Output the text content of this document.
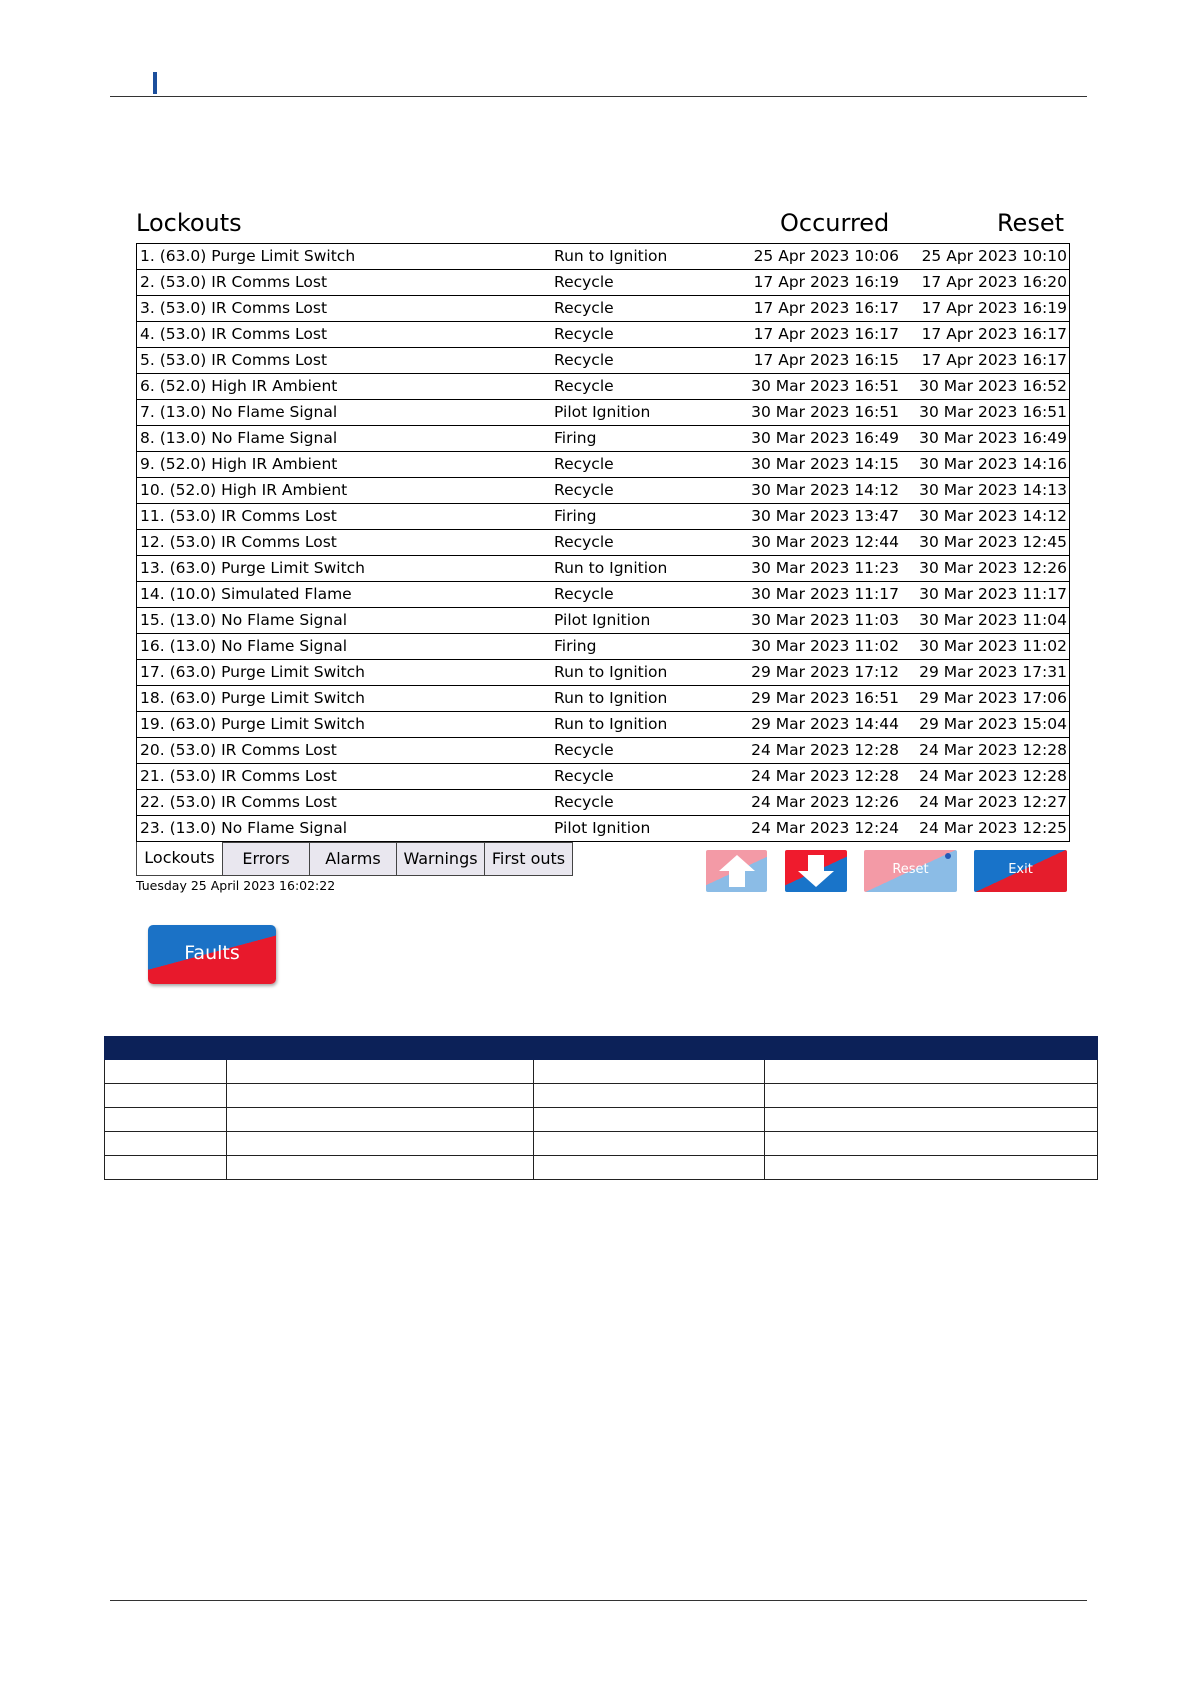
Lockouts	Occurred	Reset
1. (63.0) Purge Limit Switch	Run to Ignition	25 Apr 2023 10:06 25 Apr 2023 10:10
2. (53.0) IR Comms Lost	Recycle	17 Apr 2023 16:19 17 Apr 2023 16:20
3. (53.0) IR Comms Lost	Recycle	17 Apr 2023 16:17 17 Apr 2023 16:19
4. (53.0) IR Comms Lost	Recycle	17 Apr 2023 16:17 17 Apr 2023 16:17
5. (53.0) IR Comms Lost	Recycle	17 Apr 2023 16:15 17 Apr 2023 16:17
6. (52.0) High IR Ambient	Recycle	30 Mar 2023 16:51 30 Mar 2023 16:52
7. (13.0) No Flame Signal	Pilot Ignition	30 Mar 2023 16:51 30 Mar 2023 16:51
8. (13.0) No Flame Signal	Firing	30 Mar 2023 16:49 30 Mar 2023 16:49
9. (52.0) High IR Ambient	Recycle	30 Mar 2023 14:15 30 Mar 2023 14:16
10. (52.0) High IR Ambient	Recycle	30 Mar 2023 14:12 30 Mar 2023 14:13
11. (53.0) IR Comms Lost	Firing	30 Mar 2023 13:47 30 Mar 2023 14:12
12. (53.0) IR Comms Lost	Recycle	30 Mar 2023 12:44 30 Mar 2023 12:45
13. (63.0) Purge Limit Switch	Run to Ignition	30 Mar 2023 11:23 30 Mar 2023 12:26
14. (10.0) Simulated Flame	Recycle	30 Mar 2023 11:17 30 Mar 2023 11:17
15. (13.0) No Flame Signal	Pilot Ignition	30 Mar 2023 11:03 30 Mar 2023 11:04
16. (13.0) No Flame Signal	Firing	30 Mar 2023 11:02 30 Mar 2023 11:02
17. (63.0) Purge Limit Switch	Run to Ignition	29 Mar 2023 17:12 29 Mar 2023 17:31
18. (63.0) Purge Limit Switch	Run to Ignition	29 Mar 2023 16:51 29 Mar 2023 17:06
19. (63.0) Purge Limit Switch	Run to Ignition	29 Mar 2023 14:44 29 Mar 2023 15:04
20. (53.0) IR Comms Lost	Recycle	24 Mar 2023 12:28 24 Mar 2023 12:28
21. (53.0) IR Comms Lost	Recycle	24 Mar 2023 12:28 24 Mar 2023 12:28
22. (53.0) IR Comms Lost	Recycle	24 Mar 2023 12:26 24 Mar 2023 12:27
23. (13.0) No Flame Signal	Pilot Ignition	24 Mar 2023 12:24 24 Mar 2023 12:25
Lockouts	Errors	Alarms	Warnings First outs
Tuesday 25 April 2023 16:02:22
Reset	Exit
Faults
